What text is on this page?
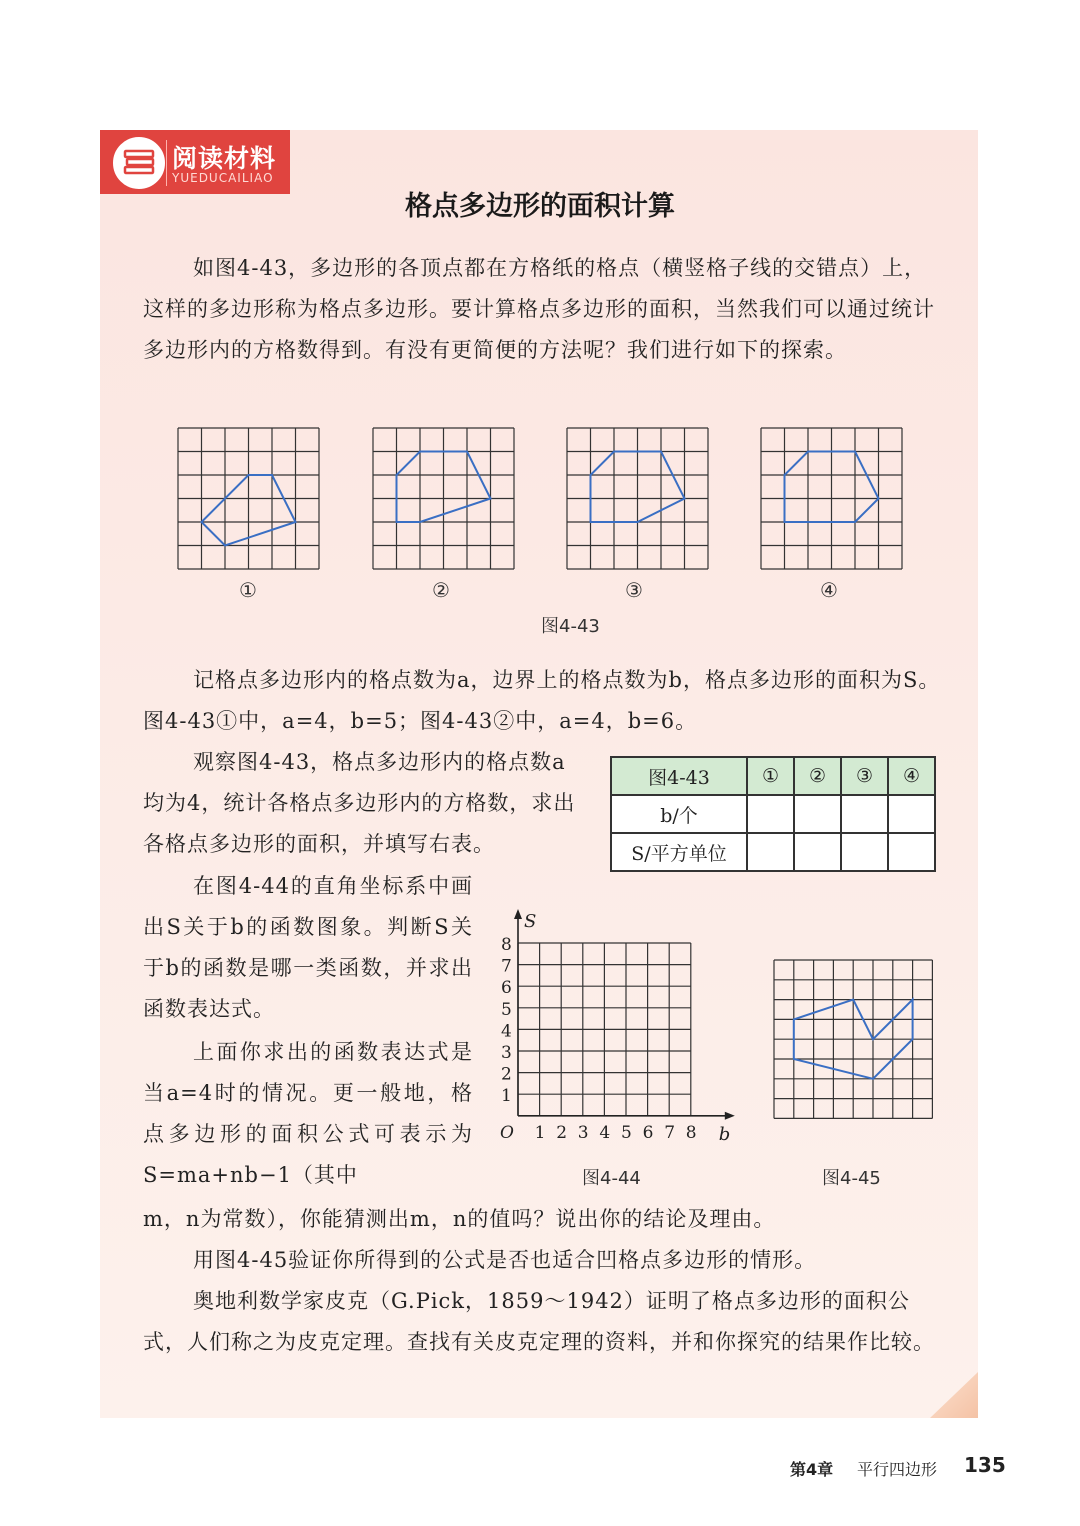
阅读材料
YUEDUCAILIAO
格点多边形的面积计算

如图4-43，多边形的各顶点都在方格纸的格点（横竖格子线的交错点）上，这样的多边形称为格点多边形。要计算格点多边形的面积，当然我们可以通过统计多边形内的方格数得到。有没有更简便的方法呢？我们进行如下的探索。

①	②	③	④
图4-43

记格点多边形内的格点数为a，边界上的格点数为b，格点多边形的面积为S。图4-43①中，a=4，b=5；图4-43②中，a=4，b=6。

观察图4-43，格点多边形内的格点数a均为4，统计各格点多边形内的方格数，求出各格点多边形的面积，并填写右表。

图4-43	①	②	③	④
b/个				
S/平方单位				

在图4-44的直角坐标系中画出S关于b的函数图象。判断S关于b的函数是哪一类函数，并求出函数表达式。

上面你求出的函数表达式是当a=4时的情况。更一般地，格点多边形的面积公式可表示为S=ma+nb−1（其中

m，n为常数），你能猜测出m，n的值吗？说出你的结论及理由。

用图4-45验证你所得到的公式是否也适合凹格点多边形的情形。

奥地利数学家皮克（G.Pick，1859～1942）证明了格点多边形的面积公式，人们称之为皮克定理。查找有关皮克定理的资料，并和你探究的结果作比较。

1
2
3
4
5
6
7
8
1 2 3 4 5 6 7 8
O
S
b
图4-44	图4-45
第4章 平行四边形 135
